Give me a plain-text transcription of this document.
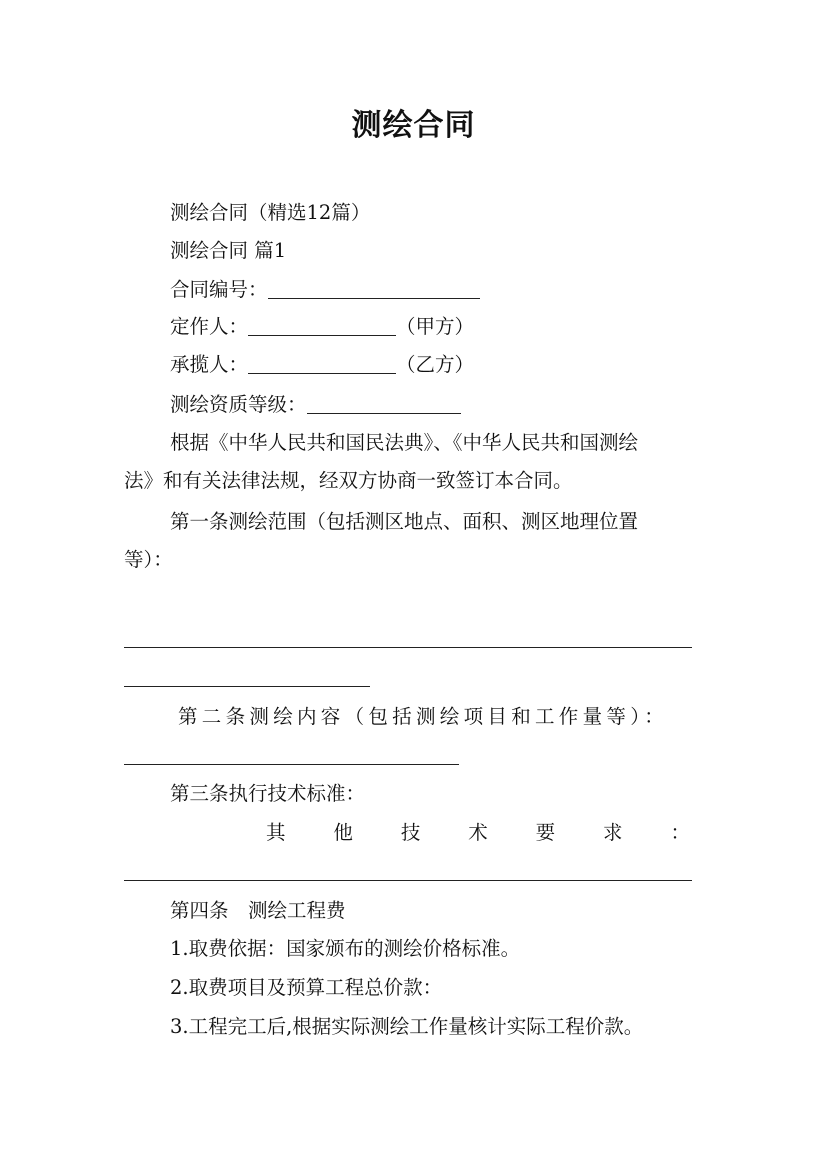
测绘合同
测绘合同（精选12篇）
测绘合同 篇1
合同编号：
定作人：	（甲方）
承揽人：	（乙方）
测绘资质等级：
根据《中华人民共和国民法典》、《中华人民共和国测绘
法》和有关法律法规，经双方协商一致签订本合同。
第一条测绘范围（包括测区地点、面积、测区地理位置
等）：
第二条测绘内容（包括测绘项目和工作量等）：
第三条执行技术标准：
其 他 技 术 要 求 ：
第四条　测绘工程费
1.取费依据：国家颁布的测绘价格标准。
2.取费项目及预算工程总价款：
3.工程完工后,根据实际测绘工作量核计实际工程价款。
